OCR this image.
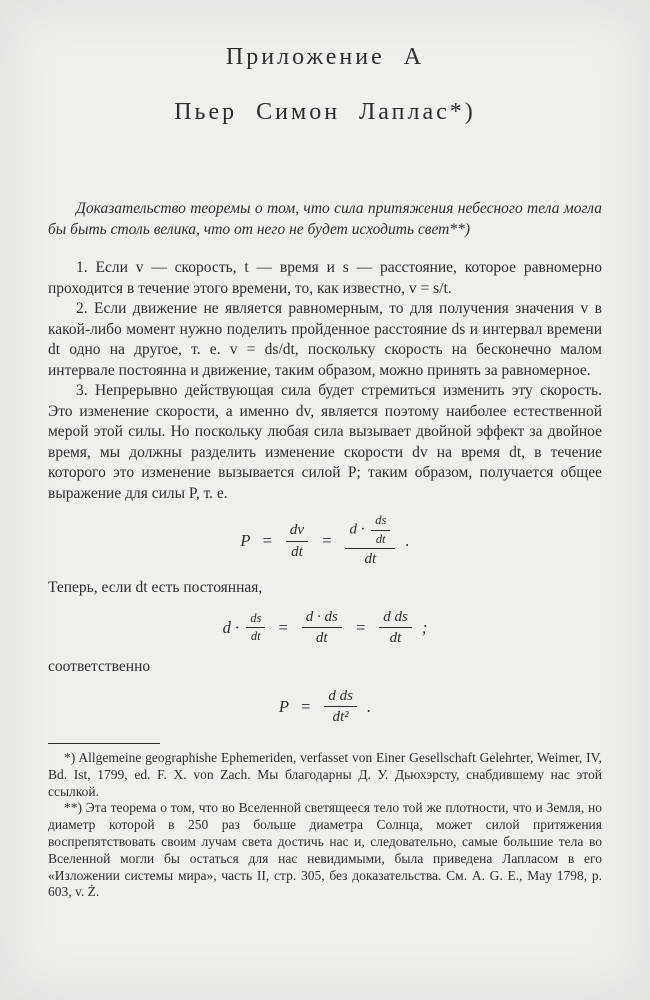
Приложение А
Пьер Симон Лаплас*)

Доказательство теоремы о том, что сила притяжения небесного тела могла бы быть столь велика, что от него не будет исходить свет**)

1. Если v — скорость, t — время и s — расстояние, которое равномерно проходится в течение этого времени, то, как известно, v = s/t.

2. Если движение не является равномерным, то для получения значения v в какой-либо момент нужно поделить пройденное расстояние ds и интервал времени dt одно на другое, т. е. v = ds/dt, поскольку скорость на бесконечно малом интервале постоянна и движение, таким образом, можно принять за равномерное.

3. Непрерывно действующая сила будет стремиться изменить эту скорость. Это изменение скорости, а именно dv, является поэтому наиболее естественной мерой этой силы. Но поскольку любая сила вызывает двойной эффект за двойное время, мы должны разделить изменение скорости dv на время dt, в течение которого это изменение вызывается силой P; таким образом, получается общее выражение для силы P, т. е.

$P = \frac{dv}{dt} = \frac{d \cdot \frac{ds}{dt}}{dt}$ .

Теперь, если dt есть постоянная,

$d \cdot \frac{ds}{dt} = \frac{d \cdot ds}{dt} = \frac{\text{d ds}}{dt}$ ;

соответственно

$P = \frac{\text{d ds}}{\text{dt²}}$ .

*) Allgemeine geographishe Ephemeriden, verfasset von Einer Gesellschaft Gelehrter, Weimer, IV, Bd. Ist, 1799, ed. F. X. von Zach. Мы благодарны Д. У. Дьюхэрсту, снабдившему нас этой ссылкой.

**) Эта теорема о том, что во Вселенной светящееся тело той же плотности, что и Земля, но диаметр которой в 250 раз больше диаметра Солнца, может силой притяжения воспрепятствовать своим лучам света достичь нас и, следовательно, самые большие тела во Вселенной могли бы остаться для нас невидимыми, была приведена Лапласом в его «Изложении системы мира», часть II, стр. 305, без доказательства. См. A. G. E., May 1798, p. 603, v. Ż.
